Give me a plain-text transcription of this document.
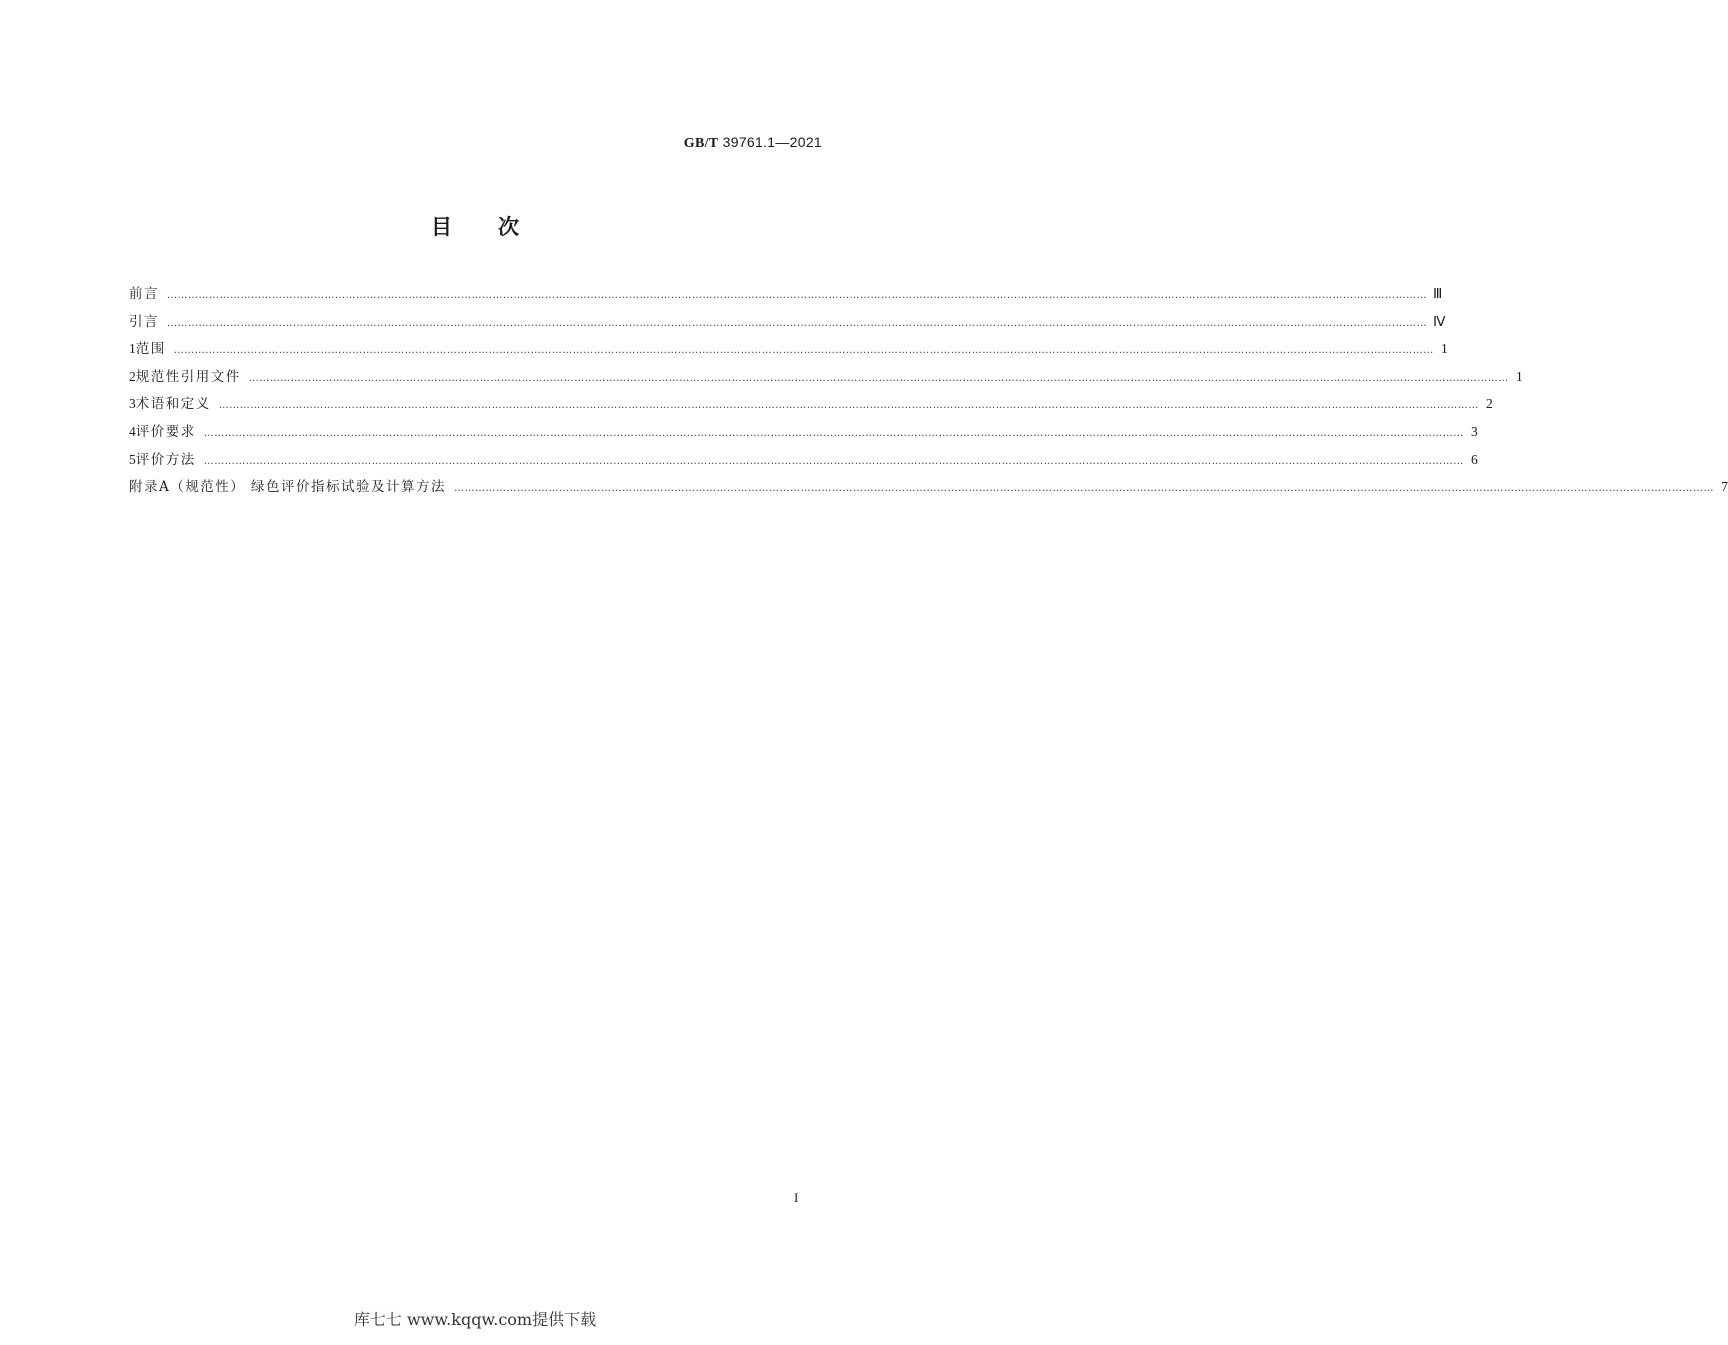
GB/T 39761.1—2021
目次
前言 ……………………………………………………………………………………………………………………………………………………………………………………………………………………………………………………………………………………………………………………………… Ⅲ
引言 ……………………………………………………………………………………………………………………………………………………………………………………………………………………………………………………………………………………………………………………………… Ⅳ
1 范围 ……………………………………………………………………………………………………………………………………………………………………………………………………………………………………………………………………………………………………………………………… 1
2 规范性引用文件 ……………………………………………………………………………………………………………………………………………………………………………………………………………………………………………………………………………………………………………………………… 1
3 术语和定义 ……………………………………………………………………………………………………………………………………………………………………………………………………………………………………………………………………………………………………………………………… 2
4 评价要求 ……………………………………………………………………………………………………………………………………………………………………………………………………………………………………………………………………………………………………………………………… 3
5 评价方法 ……………………………………………………………………………………………………………………………………………………………………………………………………………………………………………………………………………………………………………………………… 6
附录A（规范性） 绿色评价指标试验及计算方法 ……………………………………………………………………………………………………………………………………………………………………………………………………………………………………………………………………………………………………………………………… 7
I
库七七 www.kqqw.com提供下载
